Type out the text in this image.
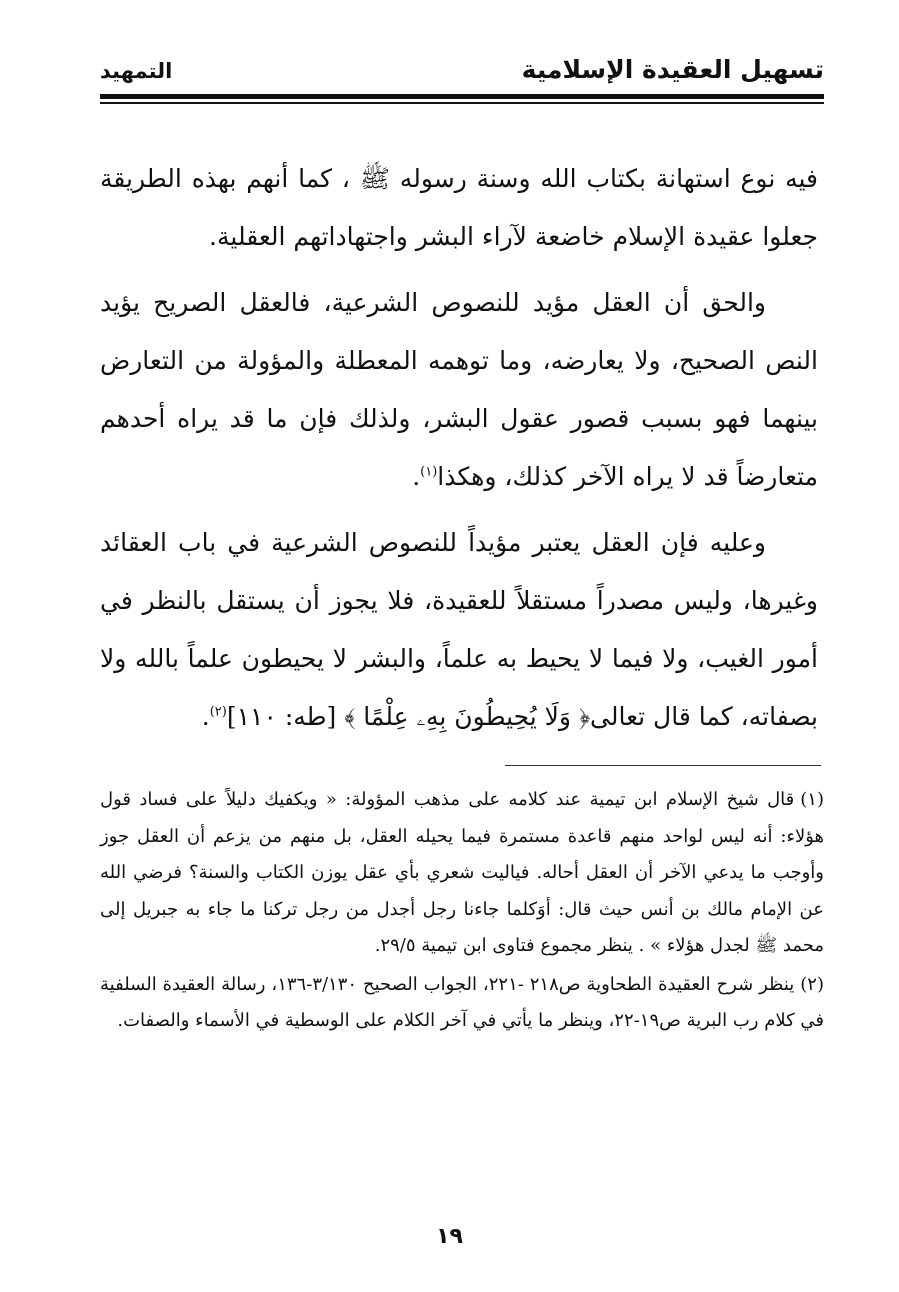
تسهيل العقيدة الإسلامية
التمهيد

فيه نوع استهانة بكتاب الله وسنة رسوله ﷺ ، كما أنهم بهذه الطريقة جعلوا عقيدة الإسلام خاضعة لآراء البشر واجتهاداتهم العقلية.

والحق أن العقل مؤيد للنصوص الشرعية، فالعقل الصريح يؤيد النص الصحيح، ولا يعارضه، وما توهمه المعطلة والمؤولة من التعارض بينهما فهو بسبب قصور عقول البشر، ولذلك فإن ما قد يراه أحدهم متعارضاً قد لا يراه الآخر كذلك، وهكذا$^{(١)}$.

وعليه فإن العقل يعتبر مؤيداً للنصوص الشرعية في باب العقائد وغيرها، وليس مصدراً مستقلاً للعقيدة، فلا يجوز أن يستقل بالنظر في أمور الغيب، ولا فيما لا يحيط به علماً، والبشر لا يحيطون علماً بالله ولا بصفاته، كما قال تعالى﴿ وَلَا يُحِيطُونَ بِهِۦ عِلْمًا ﴾ [طه: ١١٠]$^{(٢)}$.

(١)قال شيخ الإسلام ابن تيمية عند كلامه على مذهب المؤولة: « ويكفيك دليلاً على فساد قول هؤلاء: أنه ليس لواحد منهم قاعدة مستمرة فيما يحيله العقل، بل منهم من يزعم أن العقل جوز وأوجب ما يدعي الآخر أن العقل أحاله. فياليت شعري بأي عقل يوزن الكتاب والسنة؟ فرضي الله عن الإمام مالك بن أنس حيث قال: أوَكلما جاءنا رجل أجدل من رجل تركنا ما جاء به جبريل إلى محمد ﷺ لجدل هؤلاء » . ينظر مجموع فتاوى ابن تيمية ٢٩/٥.

(٢)ينظر شرح العقيدة الطحاوية ص٢١٨ -٢٢١، الجواب الصحيح ٣/١٣٠-١٣٦، رسالة العقيدة السلفية في كلام رب البرية ص١٩-٢٢، وينظر ما يأتي في آخر الكلام على الوسطية في الأسماء والصفات.

١٩
